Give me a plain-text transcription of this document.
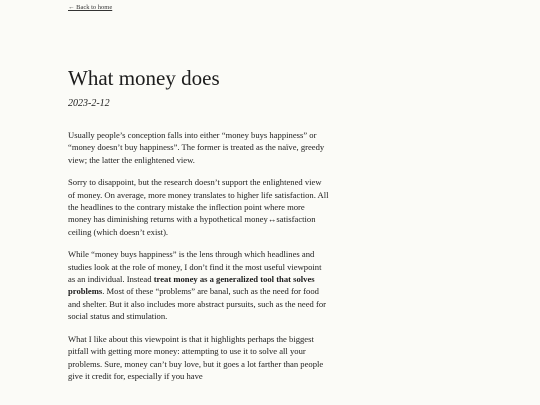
← Back to home
What money does
2023-2-12

Usually people’s conception falls into either “money buys happiness” or “money doesn’t buy happiness”. The former is treated as the naïve, greedy view; the latter the enlightened view.

Sorry to disappoint, but the research doesn’t support the enlightened view of money. On average, more money translates to higher life satisfaction. All the headlines to the contrary mistake the inflection point where more money has diminishing returns with a hypothetical money↔satisfaction ceiling (which doesn’t exist).

While “money buys happiness” is the lens through which headlines and studies look at the role of money, I don’t find it the most useful viewpoint as an individual. Instead treat money as a generalized tool that solves problems. Most of these “problems” are banal, such as the need for food and shelter. But it also includes more abstract pursuits, such as the need for social status and stimulation.

What I like about this viewpoint is that it highlights perhaps the biggest pitfall with getting more money: attempting to use it to solve all your problems. Sure, money can’t buy love, but it goes a lot farther than people give it credit for, especially if you have
